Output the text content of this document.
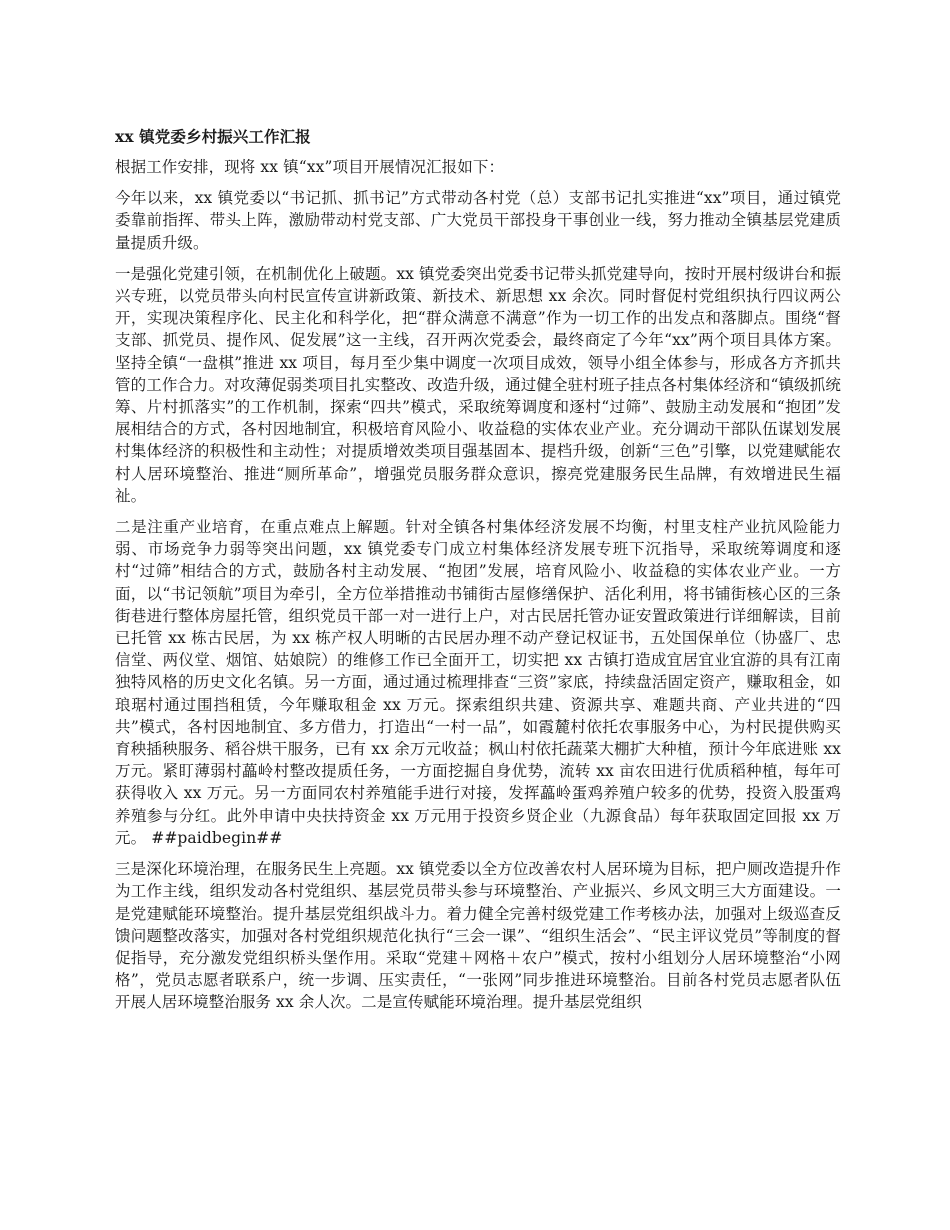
xx 镇党委乡村振兴工作汇报

根据工作安排，现将 xx 镇“xx”项目开展情况汇报如下：

今年以来，xx 镇党委以“书记抓、抓书记”方式带动各村党（总）支部书记扎实推进“xx”项目，通过镇党委靠前指挥、带头上阵，激励带动村党支部、广大党员干部投身干事创业一线，努力推动全镇基层党建质量提质升级。

一是强化党建引领，在机制优化上破题。xx 镇党委突出党委书记带头抓党建导向，按时开展村级讲台和振兴专班，以党员带头向村民宣传宣讲新政策、新技术、新思想 xx 余次。同时督促村党组织执行四议两公开，实现决策程序化、民主化和科学化，把“群众满意不满意”作为一切工作的出发点和落脚点。围绕“督支部、抓党员、提作风、促发展”这一主线，召开两次党委会，最终商定了今年“xx”两个项目具体方案。坚持全镇“一盘棋”推进 xx 项目，每月至少集中调度一次项目成效，领导小组全体参与，形成各方齐抓共管的工作合力。对攻薄促弱类项目扎实整改、改造升级，通过健全驻村班子挂点各村集体经济和“镇级抓统筹、片村抓落实”的工作机制，探索“四共”模式，采取统筹调度和逐村“过筛”、鼓励主动发展和“抱团”发展相结合的方式，各村因地制宜，积极培育风险小、收益稳的实体农业产业。充分调动干部队伍谋划发展村集体经济的积极性和主动性；对提质增效类项目强基固本、提档升级，创新“三色”引擎，以党建赋能农村人居环境整治、推进“厕所革命”，增强党员服务群众意识，擦亮党建服务民生品牌，有效增进民生福祉。

二是注重产业培育，在重点难点上解题。针对全镇各村集体经济发展不均衡，村里支柱产业抗风险能力弱、市场竞争力弱等突出问题，xx 镇党委专门成立村集体经济发展专班下沉指导，采取统筹调度和逐村“过筛”相结合的方式，鼓励各村主动发展、“抱团”发展，培育风险小、收益稳的实体农业产业。一方面，以“书记领航”项目为牵引，全方位举措推动书铺街古屋修缮保护、活化利用，将书铺街核心区的三条街巷进行整体房屋托管，组织党员干部一对一进行上户，对古民居托管办证安置政策进行详细解读，目前已托管 xx 栋古民居，为 xx 栋产权人明晰的古民居办理不动产登记权证书，五处国保单位（协盛厂、忠信堂、两仪堂、烟馆、姑娘院）的维修工作已全面开工，切实把 xx 古镇打造成宜居宜业宜游的具有江南独特风格的历史文化名镇。另一方面，通过通过梳理排查“三资”家底，持续盘活固定资产，赚取租金，如琅琚村通过围挡租赁，今年赚取租金 xx 万元。探索组织共建、资源共享、难题共商、产业共进的“四共”模式，各村因地制宜、多方借力，打造出“一村一品”，如霞麓村依托农事服务中心，为村民提供购买育秧插秧服务、稻谷烘干服务，已有 xx 余万元收益；枫山村依托蔬菜大棚扩大种植，预计今年底进账 xx 万元。紧盯薄弱村藟岭村整改提质任务，一方面挖掘自身优势，流转 xx 亩农田进行优质稻种植，每年可获得收入 xx 万元。另一方面同农村养殖能手进行对接，发挥藟岭蛋鸡养殖户较多的优势，投资入股蛋鸡养殖参与分红。此外申请中央扶持资金 xx 万元用于投资乡贤企业（九源食品）每年获取固定回报 xx 万元。 ##paidbegin##

三是深化环境治理，在服务民生上亮题。xx 镇党委以全方位改善农村人居环境为目标，把户厕改造提升作为工作主线，组织发动各村党组织、基层党员带头参与环境整治、产业振兴、乡风文明三大方面建设。一是党建赋能环境整治。提升基层党组织战斗力。着力健全完善村级党建工作考核办法，加强对上级巡查反馈问题整改落实，加强对各村党组织规范化执行“三会一课”、“组织生活会”、“民主评议党员”等制度的督促指导，充分激发党组织桥头堡作用。采取“党建＋网格＋农户”模式，按村小组划分人居环境整治“小网格”，党员志愿者联系户，统一步调、压实责任，“一张网”同步推进环境整治。目前各村党员志愿者队伍开展人居环境整治服务 xx 余人次。二是宣传赋能环境治理。提升基层党组织
